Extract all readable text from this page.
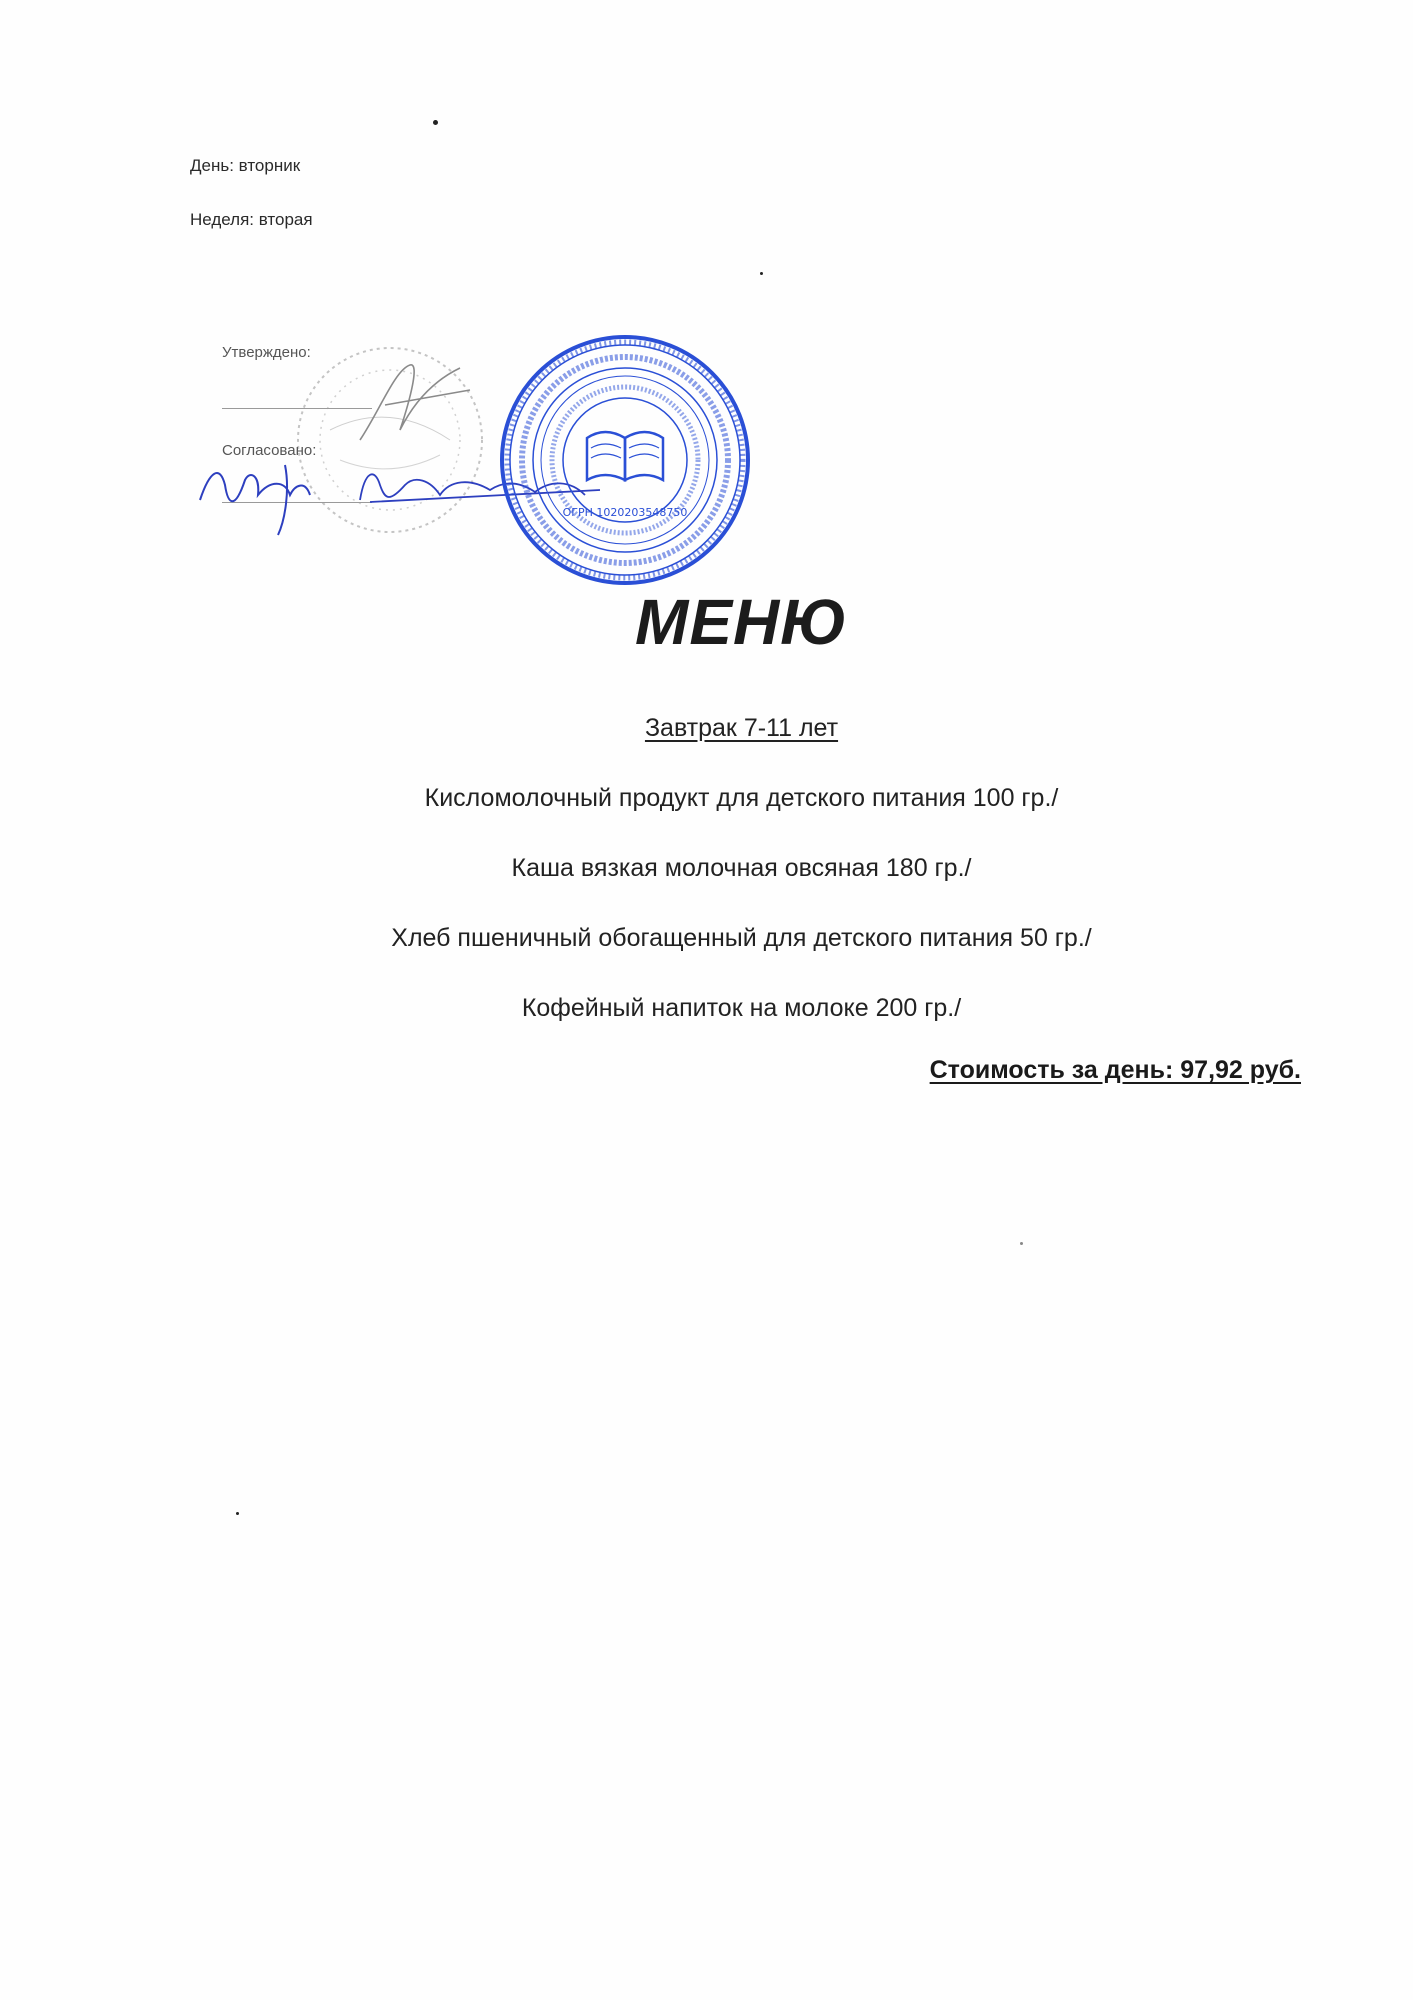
День: вторник
Неделя: вторая
Утверждено:
Согласовано:
ОГРН 1020203548750
МЕНЮ
Завтрак 7-11 лет
Кисломолочный продукт для детского питания 100 гр./
Каша вязкая молочная овсяная 180 гр./
Хлеб пшеничный обогащенный для детского питания 50 гр./
Кофейный напиток на молоке 200 гр./
Стоимость за день: 97,92 руб.
